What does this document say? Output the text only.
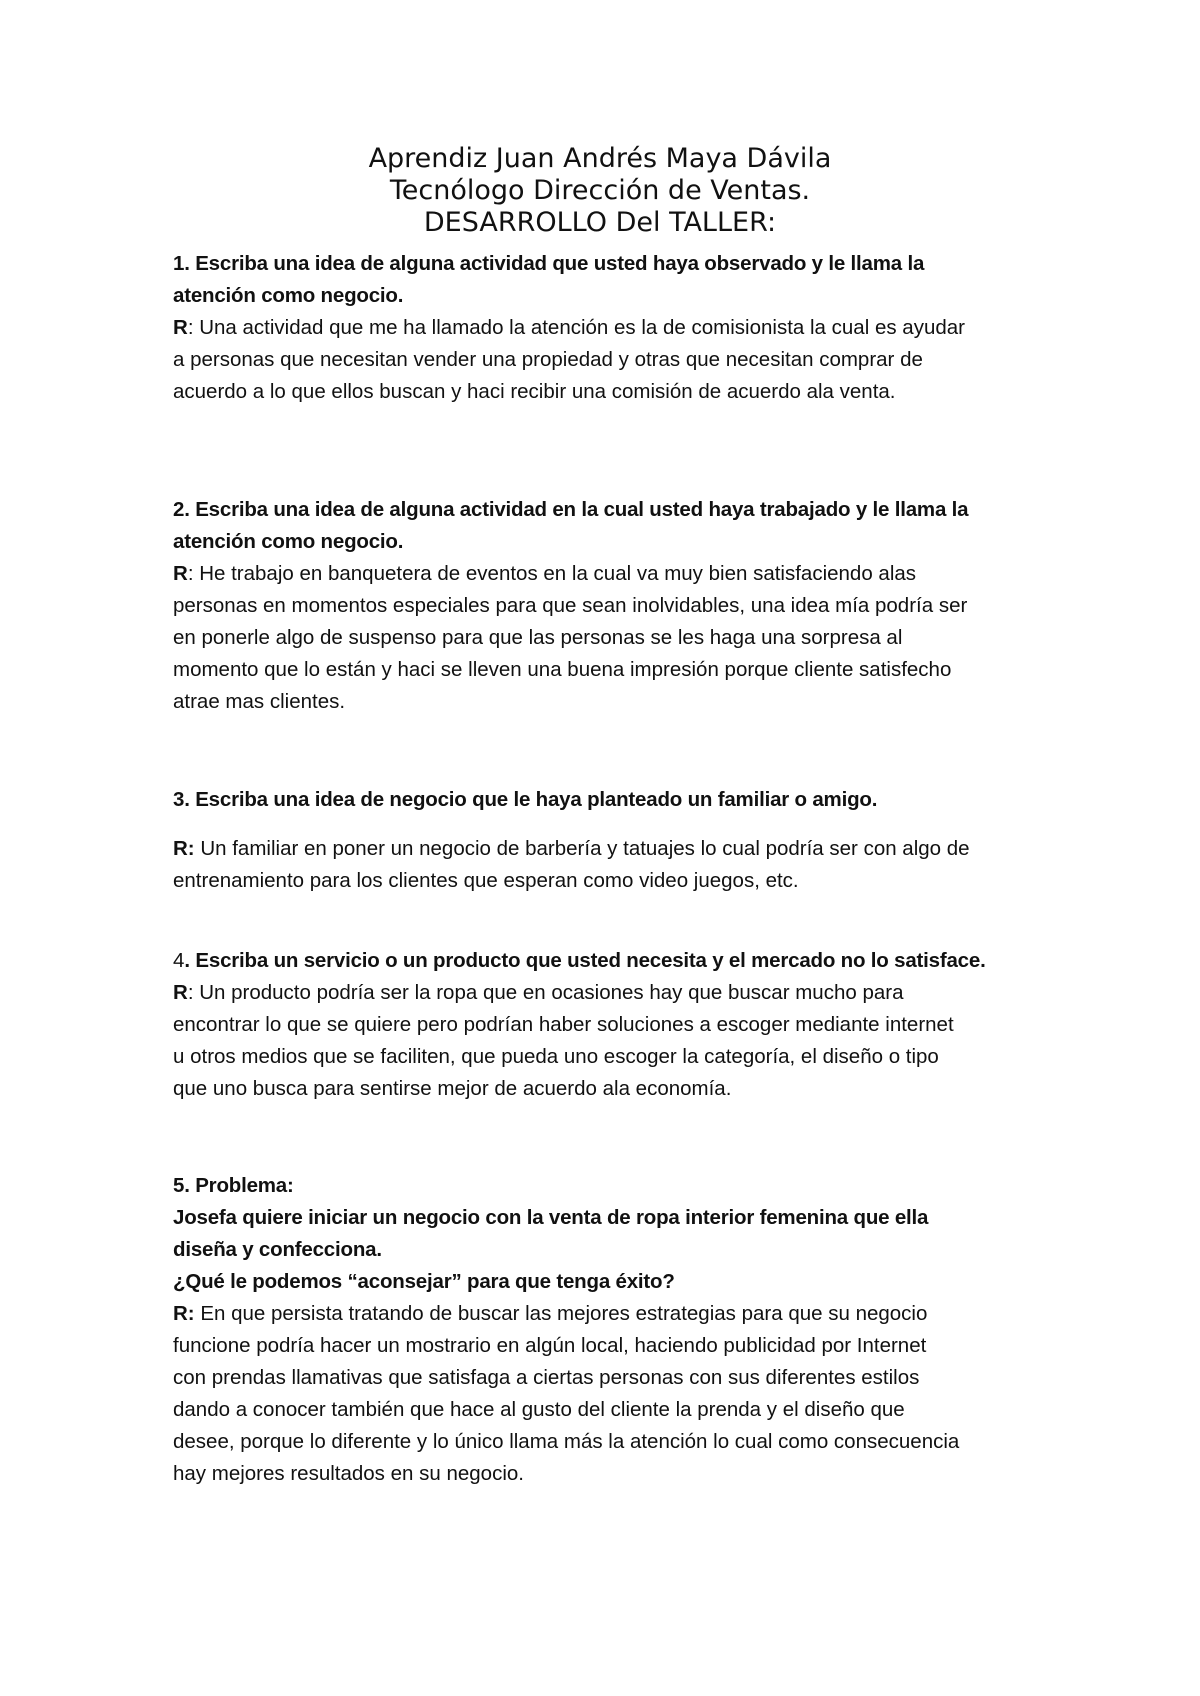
Aprendiz Juan Andrés Maya Dávila
Tecnólogo Dirección de Ventas.
DESARROLLO Del TALLER:
1. Escriba una idea de alguna actividad que usted haya observado y le llama la
atención como negocio.
R: Una actividad que me ha llamado la atención es la de comisionista la cual es ayudar
a personas que necesitan vender una propiedad y otras que necesitan comprar de
acuerdo a lo que ellos buscan y haci recibir una comisión de acuerdo ala venta.
2. Escriba una idea de alguna actividad en la cual usted haya trabajado y le llama la
atención como negocio.
R: He trabajo en banquetera de eventos en la cual va muy bien satisfaciendo alas
personas en momentos especiales para que sean inolvidables, una idea mía podría ser
en ponerle algo de suspenso para que las personas se les haga una sorpresa al
momento que lo están y haci se lleven una buena impresión porque cliente satisfecho
atrae mas clientes.
3. Escriba una idea de negocio que le haya planteado un familiar o amigo.
R: Un familiar en poner un negocio de barbería y tatuajes lo cual podría ser con algo de
entrenamiento para los clientes que esperan como video juegos, etc.
4. Escriba un servicio o un producto que usted necesita y el mercado no lo satisface.
R: Un producto podría ser la ropa que en ocasiones hay que buscar mucho para
encontrar lo que se quiere pero podrían haber soluciones a escoger mediante internet
u otros medios que se faciliten, que pueda uno escoger la categoría, el diseño o tipo
que uno busca para sentirse mejor de acuerdo ala economía.
5. Problema:
Josefa quiere iniciar un negocio con la venta de ropa interior femenina que ella
diseña y confecciona.
¿Qué le podemos “aconsejar” para que tenga éxito?
R: En que persista tratando de buscar las mejores estrategias para que su negocio
funcione podría hacer un mostrario en algún local, haciendo publicidad por Internet
con prendas llamativas que satisfaga a ciertas personas con sus diferentes estilos
dando a conocer también que hace al gusto del cliente la prenda y el diseño que
desee, porque lo diferente y lo único llama más la atención lo cual como consecuencia
hay mejores resultados en su negocio.
